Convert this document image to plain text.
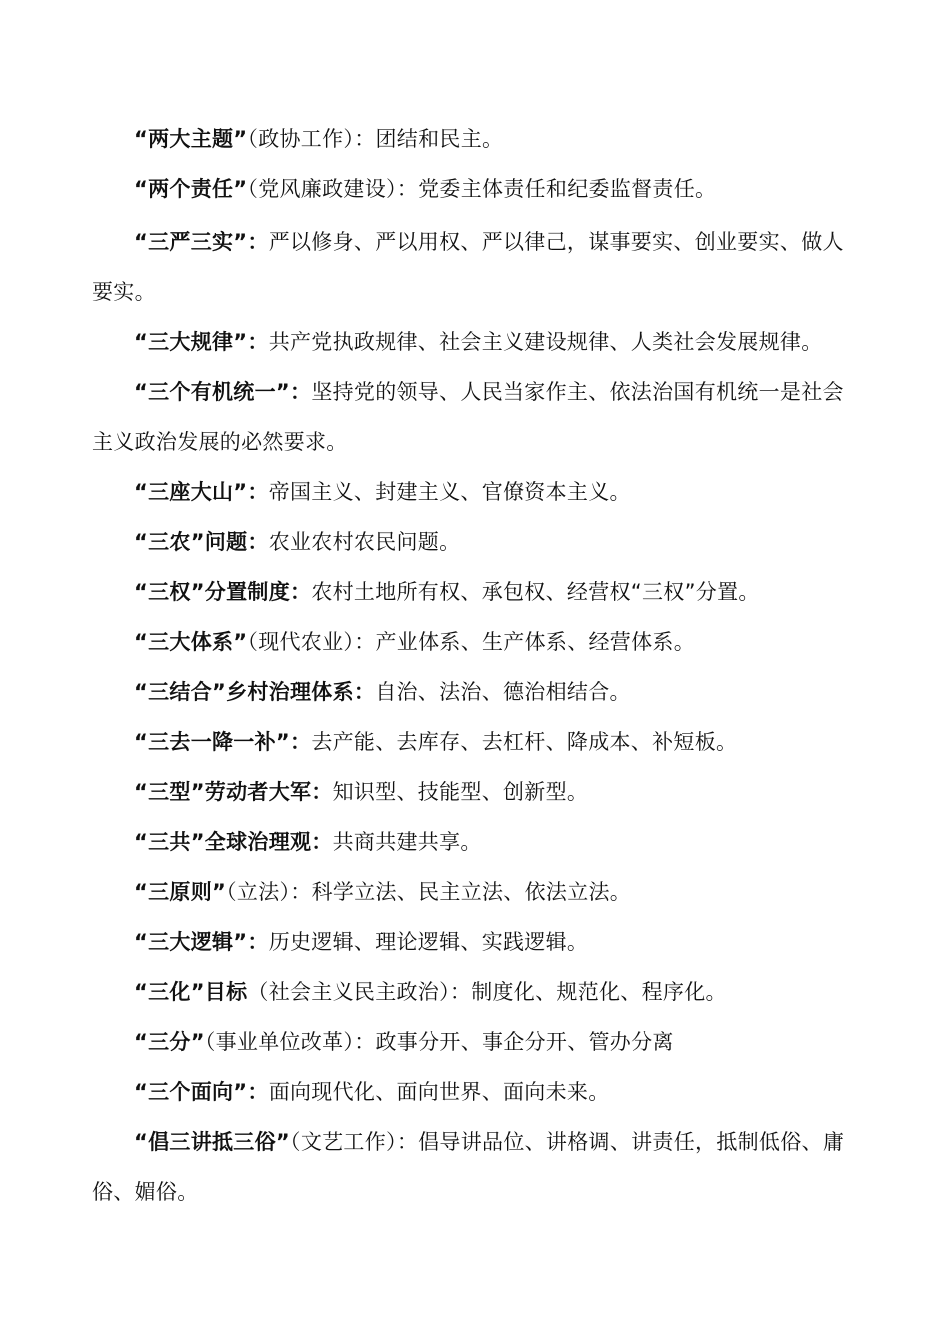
“两大主题”（政协工作）：团结和民主。

“两个责任”（党风廉政建设）：党委主体责任和纪委监督责任。

“三严三实”：严以修身、严以用权、严以律己，谋事要实、创业要实、做人要实。

“三大规律”：共产党执政规律、社会主义建设规律、人类社会发展规律。

“三个有机统一”：坚持党的领导、人民当家作主、依法治国有机统一是社会主义政治发展的必然要求。

“三座大山”：帝国主义、封建主义、官僚资本主义。

“三农”问题：农业农村农民问题。

“三权”分置制度：农村土地所有权、承包权、经营权“三权”分置。

“三大体系”（现代农业）：产业体系、生产体系、经营体系。

“三结合”乡村治理体系：自治、法治、德治相结合。

“三去一降一补”：去产能、去库存、去杠杆、降成本、补短板。

“三型”劳动者大军：知识型、技能型、创新型。

“三共”全球治理观：共商共建共享。

“三原则”（立法）：科学立法、民主立法、依法立法。

“三大逻辑”：历史逻辑、理论逻辑、实践逻辑。

“三化”目标（社会主义民主政治）：制度化、规范化、程序化。

“三分”（事业单位改革）：政事分开、事企分开、管办分离

“三个面向”：面向现代化、面向世界、面向未来。

“倡三讲抵三俗”（文艺工作）：倡导讲品位、讲格调、讲责任，抵制低俗、庸俗、媚俗。
